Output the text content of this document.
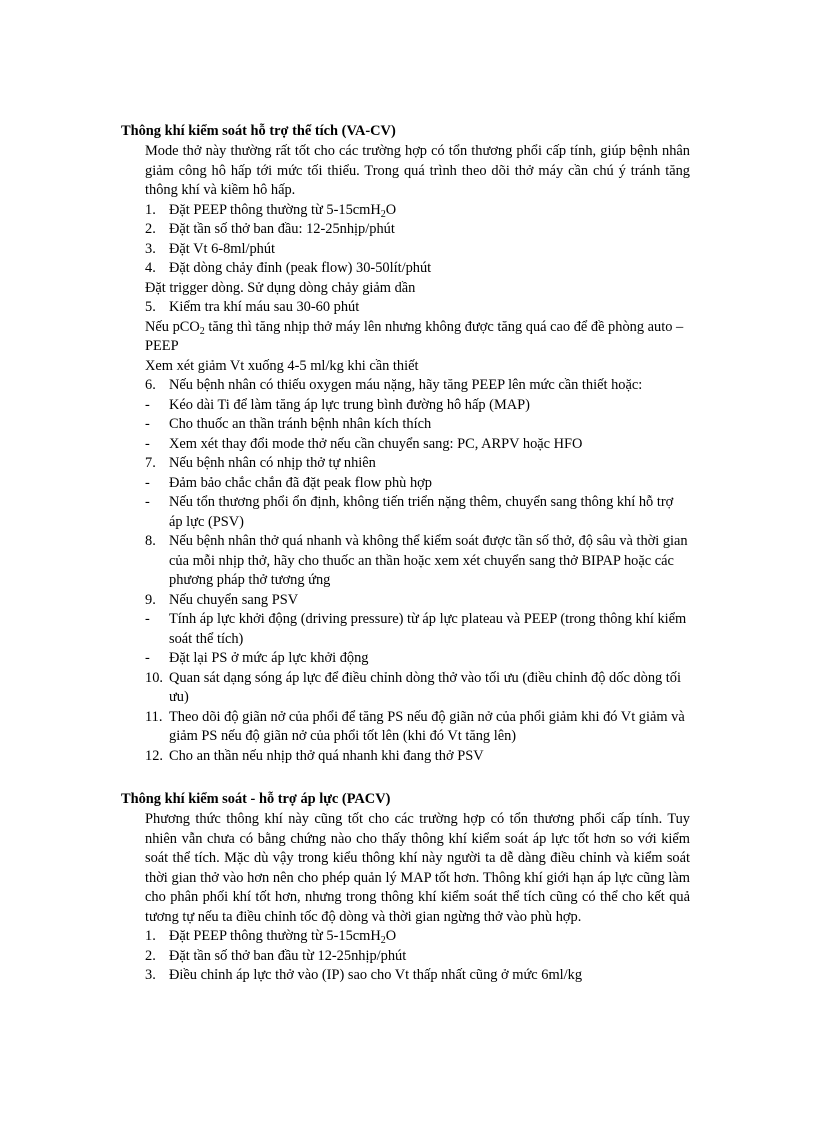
Thông khí kiểm soát hỗ trợ thể tích (VA-CV)

Mode thở này thường rất tốt cho các trường hợp có tổn thương phổi cấp tính, giúp bệnh nhân giảm công hô hấp tới mức tối thiểu. Trong quá trình theo dõi thở máy cần chú ý tránh tăng thông khí và kiềm hô hấp.

1. Đặt PEEP thông thường từ 5-15cmH$_2$O
2. Đặt tần số thở ban đầu: 12-25nhịp/phút
3. Đặt Vt 6-8ml/phút
4. Đặt dòng chảy đỉnh (peak flow) 30-50lít/phút

Đặt trigger dòng. Sử dụng dòng chảy giảm dần

5. Kiểm tra khí máu sau 30-60 phút

Nếu pCO$_2$ tăng thì tăng nhịp thở máy lên nhưng không được tăng quá cao để đề phòng auto – PEEP

Xem xét giảm Vt xuống 4-5 ml/kg khi cần thiết

6. Nếu bệnh nhân có thiếu oxygen máu nặng, hãy tăng PEEP lên mức cần thiết hoặc:
-	Kéo dài Ti để làm tăng áp lực trung bình đường hô hấp (MAP)
-	Cho thuốc an thần tránh bệnh nhân kích thích
-	Xem xét thay đổi mode thở nếu cần chuyển sang: PC, ARPV hoặc HFO
7. Nếu bệnh nhân có nhịp thở tự nhiên
-	Đảm bảo chắc chắn đã đặt peak flow phù hợp
-	Nếu tổn thương phổi ổn định, không tiến triển nặng thêm, chuyển sang thông khí hỗ trợ áp lực (PSV)
8. Nếu bệnh nhân thở quá nhanh và không thể kiểm soát được tần số thở, độ sâu và thời gian của mỗi nhịp thở, hãy cho thuốc an thần hoặc xem xét chuyển sang thở BIPAP hoặc các phương pháp thở tương ứng
9. Nếu chuyển sang PSV
-	Tính áp lực khởi động (driving pressure) từ áp lực plateau và PEEP (trong thông khí kiểm soát thể tích)
-	Đặt lại PS ở mức áp lực khởi động
10. Quan sát dạng sóng áp lực để điều chỉnh dòng thở vào tối ưu (điều chỉnh độ dốc dòng tối ưu)
11. Theo dõi độ giãn nở của phổi để tăng PS nếu độ giãn nở của phổi giảm khi đó Vt giảm và giảm PS nếu độ giãn nở của phổi tốt lên (khi đó Vt tăng lên)
12. Cho an thần nếu nhịp thở quá nhanh khi đang thở PSV
Thông khí kiểm soát - hỗ trợ áp lực (PACV)

Phương thức thông khí này cũng tốt cho các trường hợp có tổn thương phổi cấp tính. Tuy nhiên vẫn chưa có bằng chứng nào cho thấy thông khí kiểm soát áp lực tốt hơn so với kiểm soát thể tích. Mặc dù vậy trong kiểu thông khí này người ta dễ dàng điều chỉnh và kiểm soát thời gian thở vào hơn nên cho phép quản lý MAP tốt hơn. Thông khí giới hạn áp lực cũng làm cho phân phối khí tốt hơn, nhưng trong thông khí kiểm soát thể tích cũng có thể cho kết quả tương tự nếu ta điều chỉnh tốc độ dòng và thời gian ngừng thở vào phù hợp.

1. Đặt PEEP thông thường từ 5-15cmH$_2$O
2. Đặt tần số thở ban đầu từ 12-25nhịp/phút
3. Điều chỉnh áp lực thở vào (IP) sao cho Vt thấp nhất cũng ở mức 6ml/kg
